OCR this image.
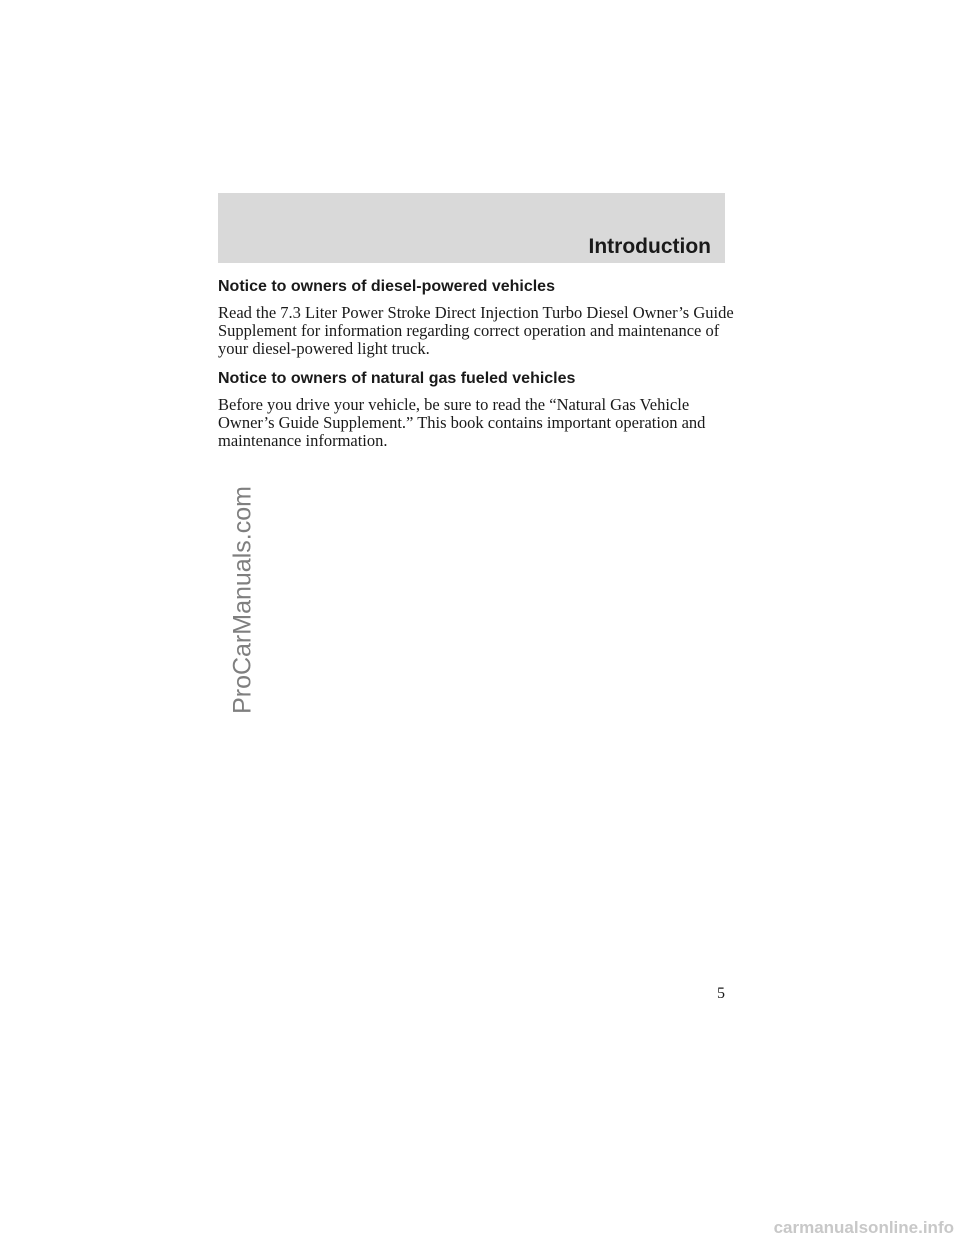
Introduction
Notice to owners of diesel-powered vehicles

Read the 7.3 Liter Power Stroke Direct Injection Turbo Diesel Owner’s Guide Supplement for information regarding correct operation and maintenance of your diesel-powered light truck.

Notice to owners of natural gas fueled vehicles

Before you drive your vehicle, be sure to read the “Natural Gas Vehicle Owner’s Guide Supplement.” This book contains important operation and maintenance information.

5

ProCarManuals.com
carmanualsonline.info
